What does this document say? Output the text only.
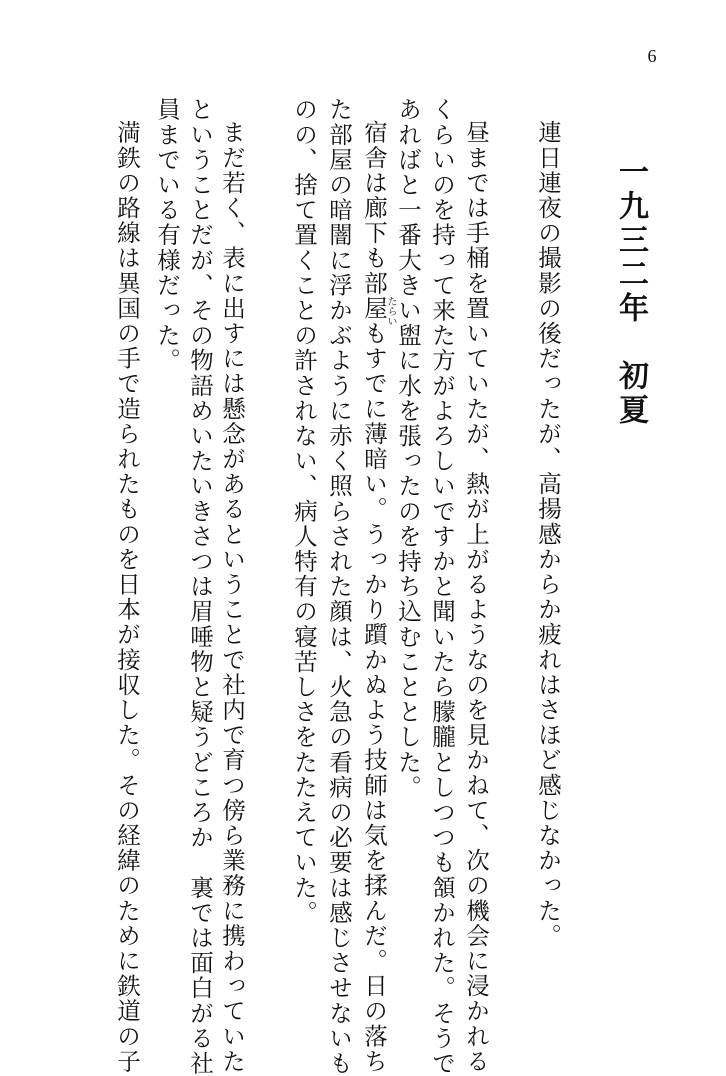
6
一九三二年　初夏
連日連夜の撮影の後だったが、高揚感からか疲れはさほど感じなかった。
昼までは手桶を置いていたが、熱が上がるようなのを見かねて、次の機会に浸かれる
くらいのを持って来た方がよろしいですかと聞いたら朦朧としつつも頷かれた。そうで
あればと一番大きい盥に水を張ったのを持ち込むこととした。
たらい
宿舎は廊下も部屋もすでに薄暗い。うっかり躓かぬよう技師は気を揉んだ。日の落ち
た部屋の暗闇に浮かぶように赤く照らされた顔は、火急の看病の必要は感じさせないも
のの、捨て置くことの許されない、病人特有の寝苦しさをたたえていた。
まだ若く、表に出すには懸念があるということで社内で育つ傍ら業務に携わっていた
ということだが、その物語めいたいきさつは眉唾物と疑うどころか　裏では面白がる社
員までいる有様だった。
満鉄の路線は異国の手で造られたものを日本が接収した。その経緯のために鉄道の子
